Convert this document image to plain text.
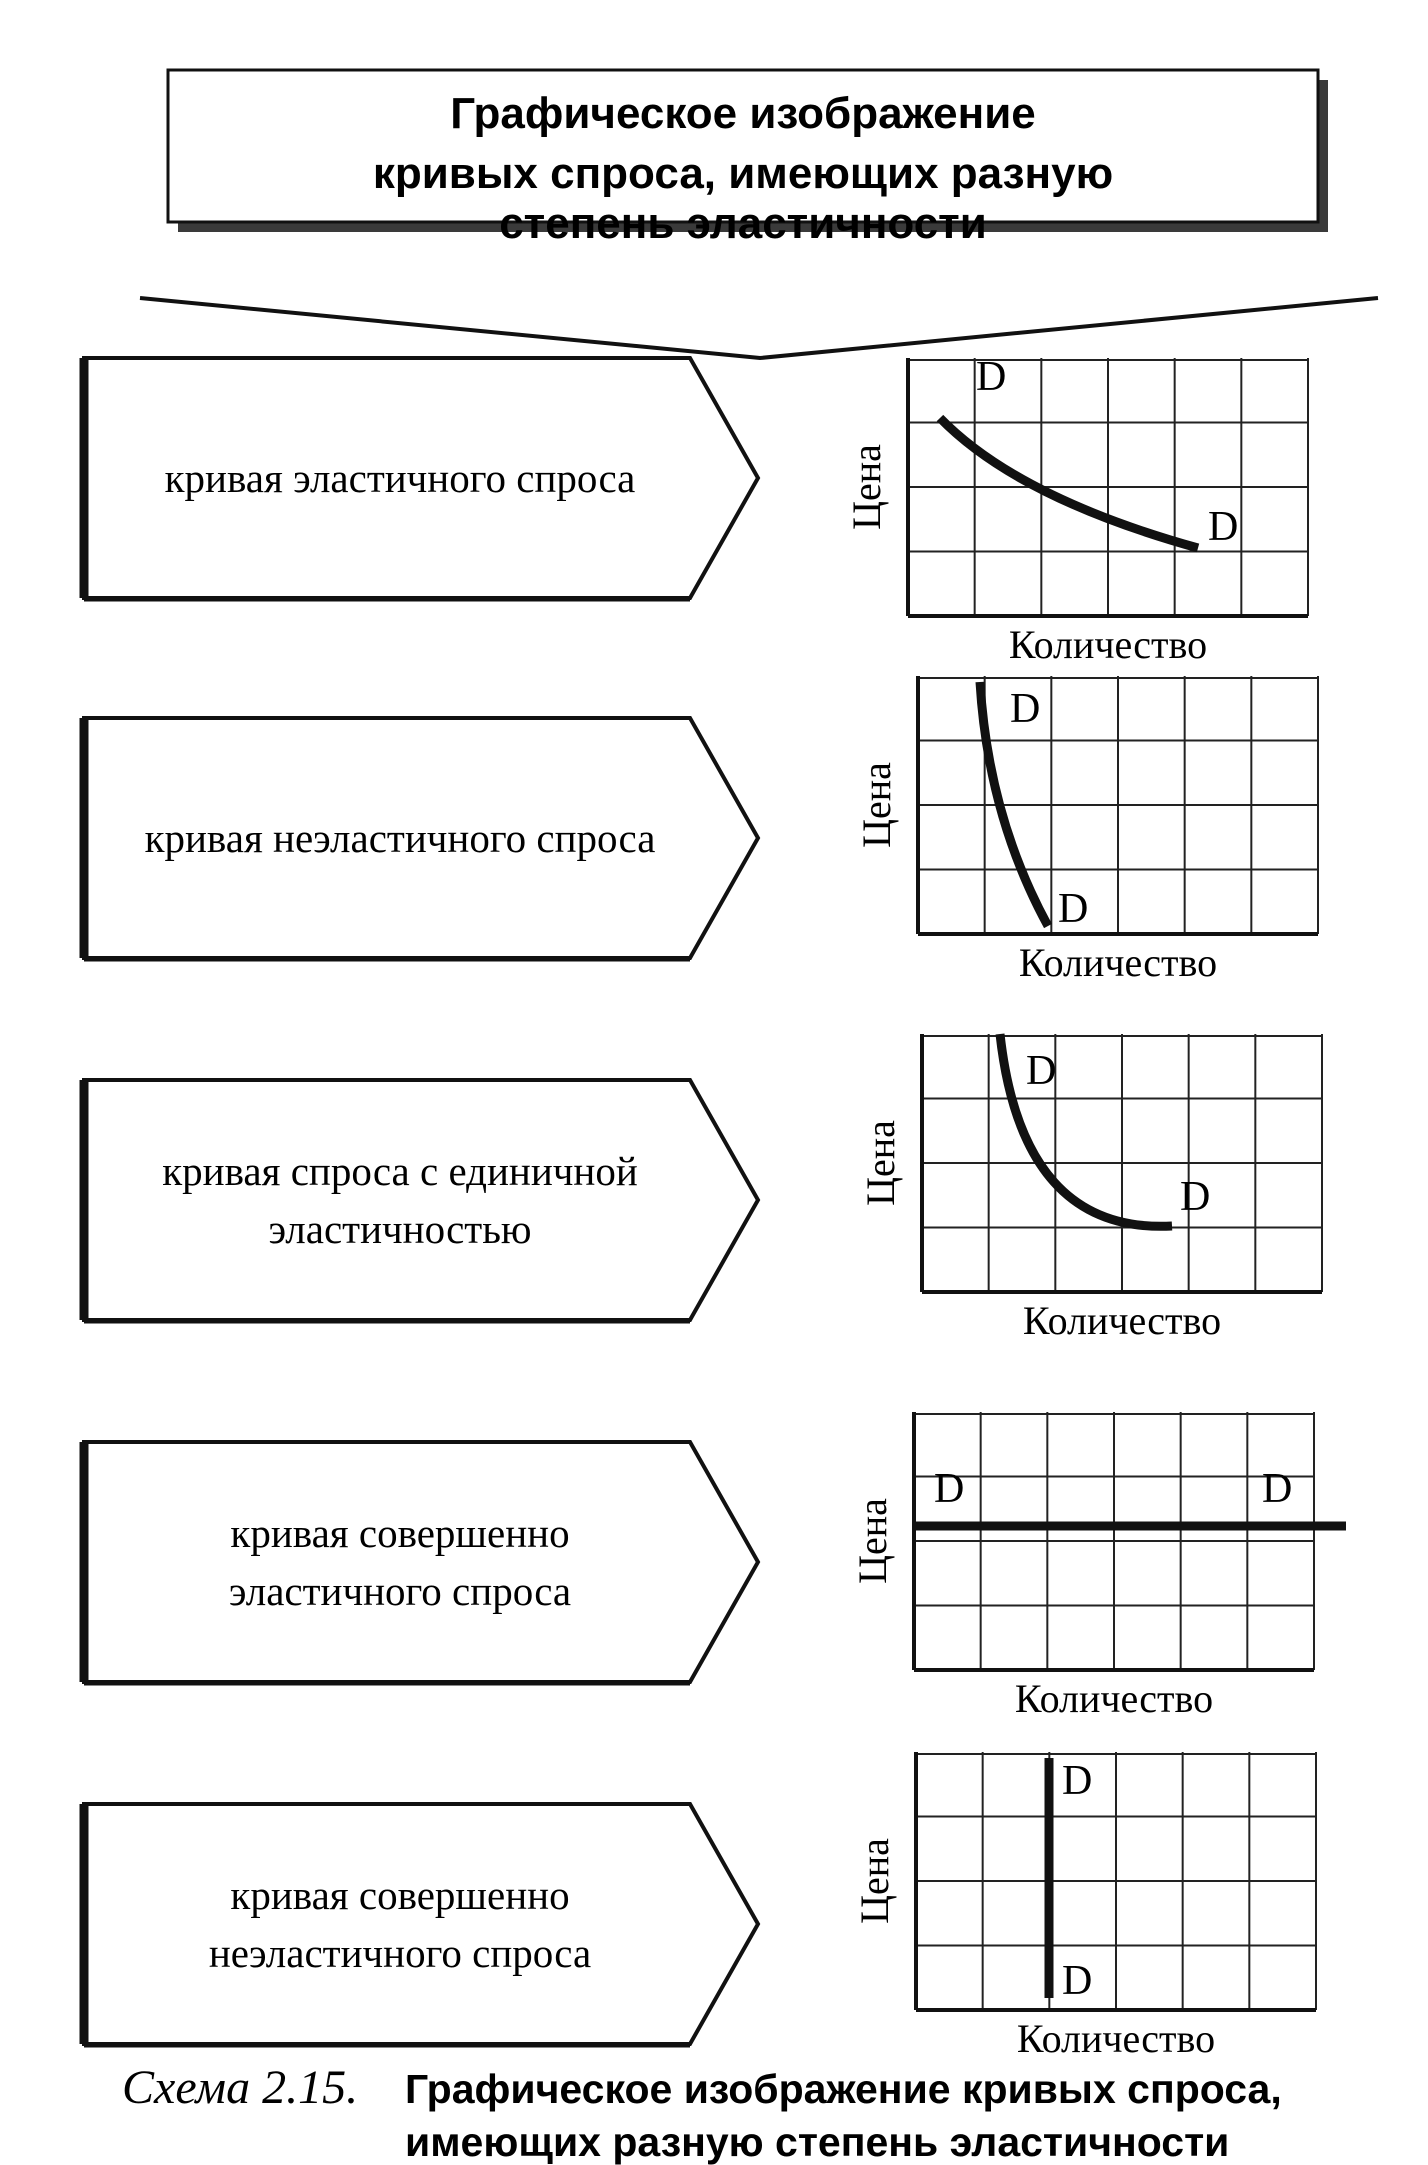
Графическое изображение
кривых спроса, имеющих разную
степень эластичности
кривая эластичного спроса	Цена
Количество
D
D
кривая неэластичного спроса	Цена
Количество
D
D
кривая спроса с единичной
эластичностью
Цена
Количество
D
D
кривая совершенно
эластичного спроса
Цена
Количество
D	D
кривая совершенно
неэластичного спроса
Цена
Количество
D
D
Схема 2.15. Графическое изображение кривых спроса,
имеющих разную степень эластичности
